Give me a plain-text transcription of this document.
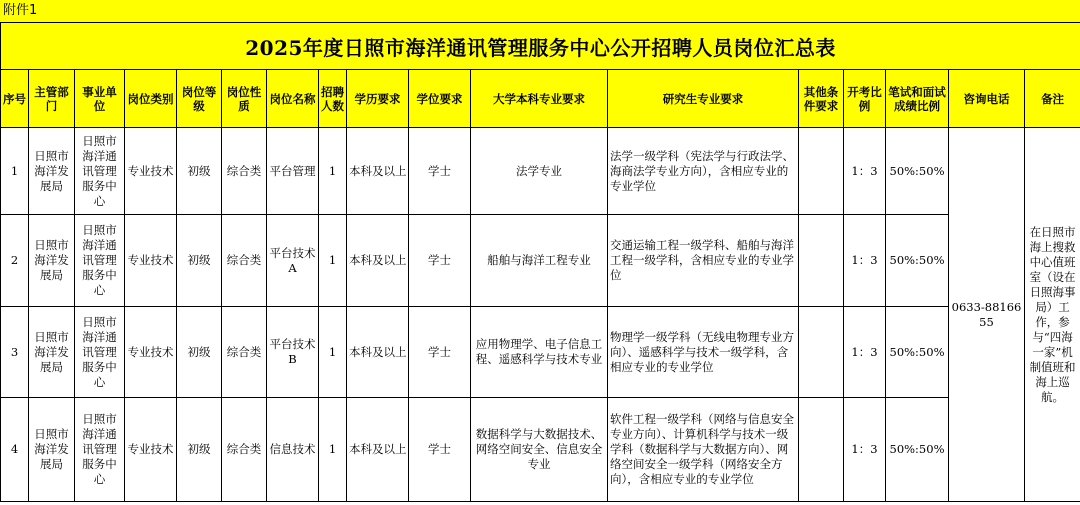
附件1
2025年度日照市海洋通讯管理服务中心公开招聘人员岗位汇总表																
序号	主管部门	事业单位	岗位类别	岗位等级	岗位性质	岗位名称	招聘人数	学历要求	学位要求	大学本科专业要求	研究生专业要求	其他条件要求	开考比例	笔试和面试成绩比例	咨询电话	备注
1	日照市海洋发展局	日照市海洋通讯管理服务中心	专业技术	初级	综合类	平台管理	1	本科及以上	学士	法学专业	法学一级学科（宪法学与行政法学、海商法学专业方向），含相应专业的专业学位		1：3	50%:50%	0633-8816655	在日照市海上搜救中心值班室（设在日照海事局）工作，参与“四海一家”机制值班和海上巡航。
2	日照市海洋发展局	日照市海洋通讯管理服务中心	专业技术	初级	综合类	平台技术A	1	本科及以上	学士	船舶与海洋工程专业	交通运输工程一级学科、船舶与海洋工程一级学科，含相应专业的专业学位		1：3	50%:50%		
3	日照市海洋发展局	日照市海洋通讯管理服务中心	专业技术	初级	综合类	平台技术B	1	本科及以上	学士	应用物理学、电子信息工程、遥感科学与技术专业	物理学一级学科（无线电物理专业方向）、遥感科学与技术一级学科，含相应专业的专业学位		1：3	50%:50%		
4	日照市海洋发展局	日照市海洋通讯管理服务中心	专业技术	初级	综合类	信息技术	1	本科及以上	学士	数据科学与大数据技术、网络空间安全、信息安全专业	软件工程一级学科（网络与信息安全专业方向）、计算机科学与技术一级学科（数据科学与大数据方向）、网络空间安全一级学科（网络安全方向），含相应专业的专业学位		1：3	50%:50%		
